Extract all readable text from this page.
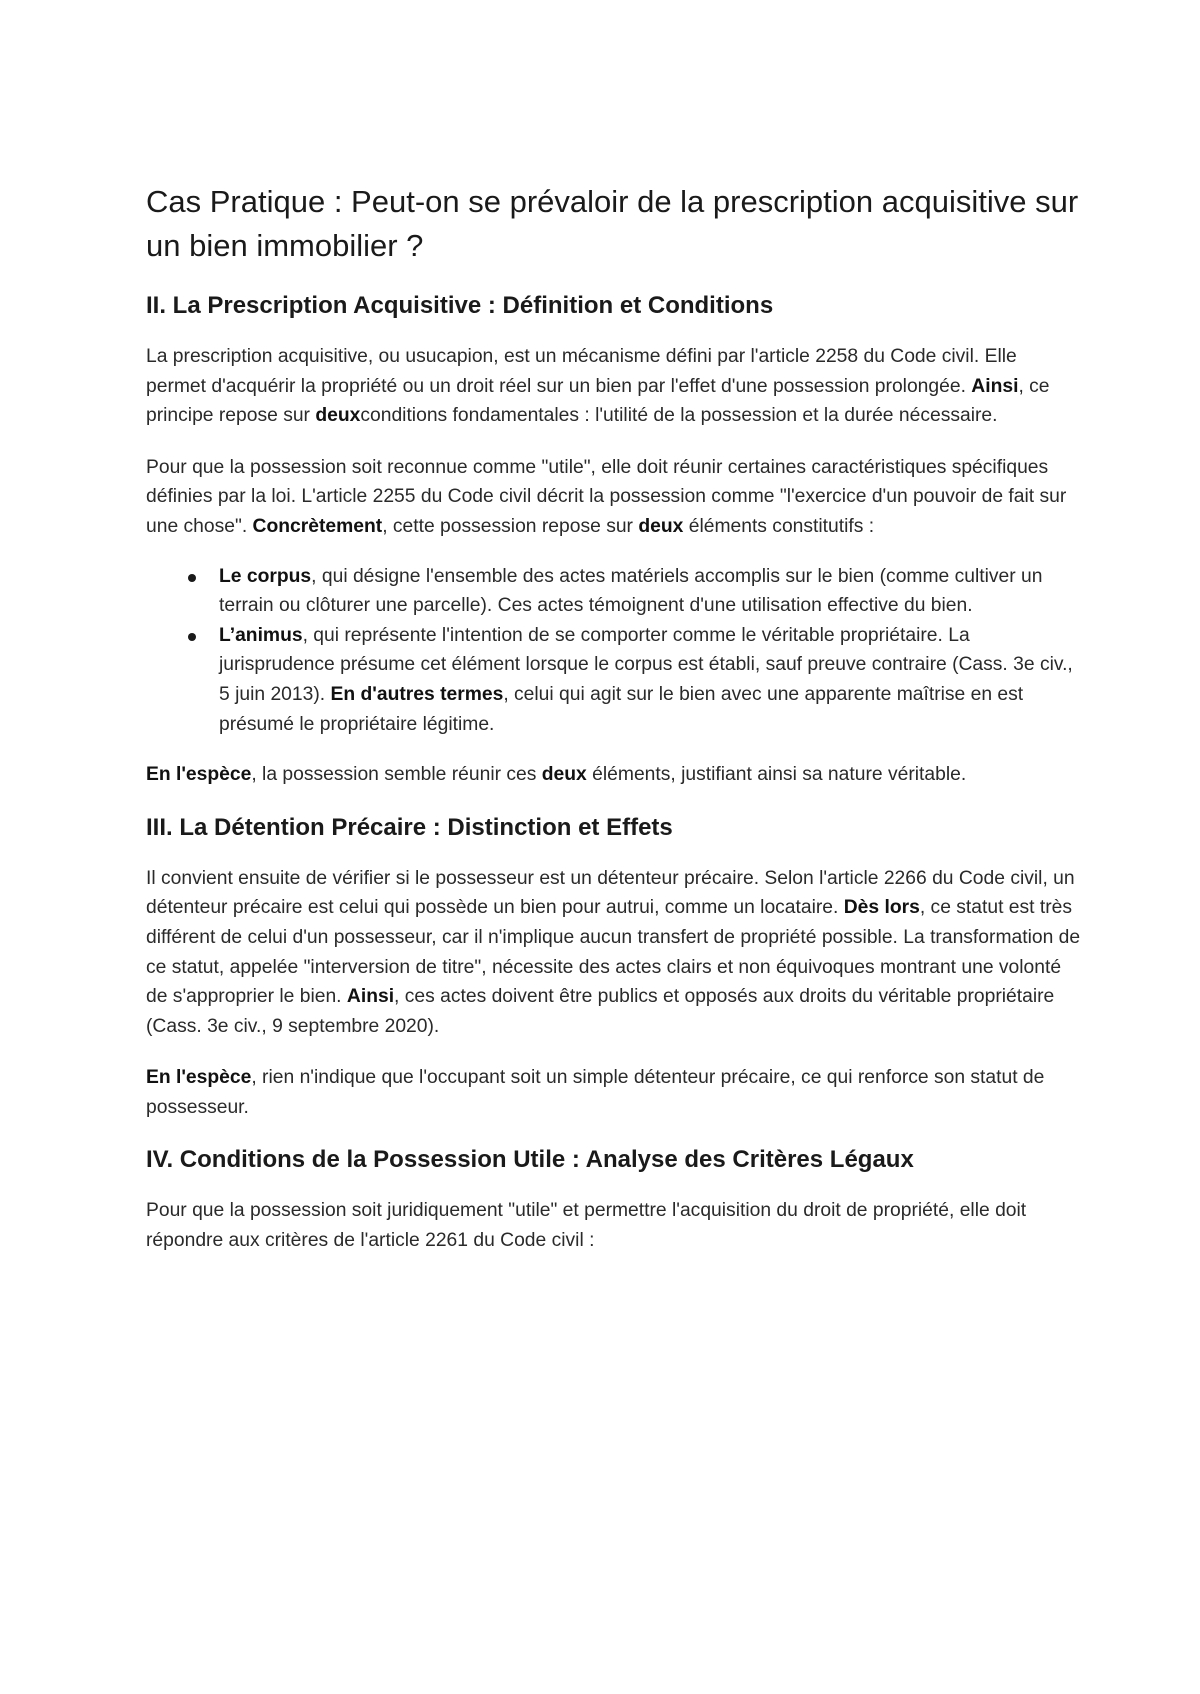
Cas Pratique : Peut-on se prévaloir de la prescription acquisitive sur un bien immobilier ?
II. La Prescription Acquisitive : Définition et Conditions

La prescription acquisitive, ou usucapion, est un mécanisme défini par l'article 2258 du Code civil. Elle permet d'acquérir la propriété ou un droit réel sur un bien par l'effet d'une possession prolongée. Ainsi, ce principe repose sur deuxconditions fondamentales : l'utilité de la possession et la durée nécessaire.

Pour que la possession soit reconnue comme "utile", elle doit réunir certaines caractéristiques spécifiques définies par la loi. L'article 2255 du Code civil décrit la possession comme "l'exercice d'un pouvoir de fait sur une chose". Concrètement, cette possession repose sur deux éléments constitutifs :

Le corpus, qui désigne l'ensemble des actes matériels accomplis sur le bien (comme cultiver un terrain ou clôturer une parcelle). Ces actes témoignent d'une utilisation effective du bien.
L’animus, qui représente l'intention de se comporter comme le véritable propriétaire. La jurisprudence présume cet élément lorsque le corpus est établi, sauf preuve contraire (Cass. 3e civ., 5 juin 2013). En d'autres termes, celui qui agit sur le bien avec une apparente maîtrise en est présumé le propriétaire légitime.

En l'espèce, la possession semble réunir ces deux éléments, justifiant ainsi sa nature véritable.

III. La Détention Précaire : Distinction et Effets

Il convient ensuite de vérifier si le possesseur est un détenteur précaire. Selon l'article 2266 du Code civil, un détenteur précaire est celui qui possède un bien pour autrui, comme un locataire. Dès lors, ce statut est très différent de celui d'un possesseur, car il n'implique aucun transfert de propriété possible. La transformation de ce statut, appelée "interversion de titre", nécessite des actes clairs et non équivoques montrant une volonté de s'approprier le bien. Ainsi, ces actes doivent être publics et opposés aux droits du véritable propriétaire (Cass. 3e civ., 9 septembre 2020).

En l'espèce, rien n'indique que l'occupant soit un simple détenteur précaire, ce qui renforce son statut de possesseur.

IV. Conditions de la Possession Utile : Analyse des Critères Légaux

Pour que la possession soit juridiquement "utile" et permettre l'acquisition du droit de propriété, elle doit répondre aux critères de l'article 2261 du Code civil :
